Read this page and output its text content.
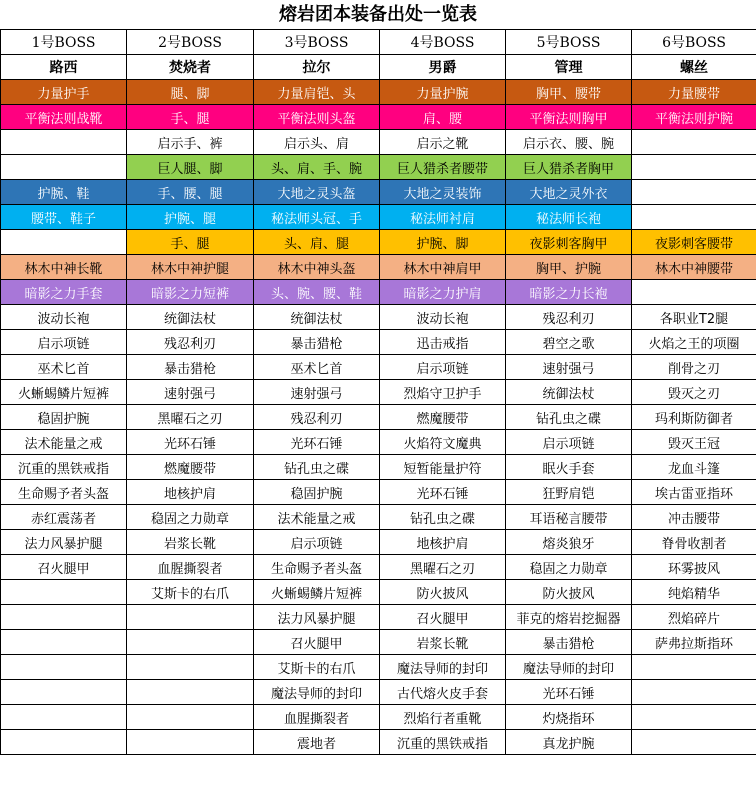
熔岩团本装备出处一览表
1号BOSS	2号BOSS	3号BOSS	4号BOSS	5号BOSS	6号BOSS
路西	焚烧者	拉尔	男爵	管理	螺丝
力量护手	腿、脚	力量肩铠、头	力量护腕	胸甲、腰带	力量腰带
平衡法则战靴	手、腿	平衡法则头盔	肩、腰	平衡法则胸甲	平衡法则护腕
	启示手、裤	启示头、肩	启示之靴	启示衣、腰、腕	
	巨人腿、脚	头、肩、手、腕	巨人猎杀者腰带	巨人猎杀者胸甲	
护腕、鞋	手、腰、腿	大地之灵头盔	大地之灵装饰	大地之灵外衣	
腰带、鞋子	护腕、腿	秘法师头冠、手	秘法师衬肩	秘法师长袍	
	手、腿	头、肩、腿	护腕、脚	夜影刺客胸甲	夜影刺客腰带
林木中神长靴	林木中神护腿	林木中神头盔	林木中神肩甲	胸甲、护腕	林木中神腰带
暗影之力手套	暗影之力短裤	头、腕、腰、鞋	暗影之力护肩	暗影之力长袍	
波动长袍	统御法杖	统御法杖	波动长袍	残忍利刃	各职业T2腿
启示项链	残忍利刃	暴击猎枪	迅击戒指	碧空之歌	火焰之王的项圈
巫术匕首	暴击猎枪	巫术匕首	启示项链	速射强弓	削骨之刃
火蜥蜴鳞片短裤	速射强弓	速射强弓	烈焰守卫护手	统御法杖	毁灭之刃
稳固护腕	黑曜石之刃	残忍利刃	燃魔腰带	钻孔虫之碟	玛利斯防御者
法术能量之戒	光环石锤	光环石锤	火焰符文魔典	启示项链	毁灭王冠
沉重的黑铁戒指	燃魔腰带	钻孔虫之碟	短暂能量护符	眠火手套	龙血斗篷
生命赐予者头盔	地核护肩	稳固护腕	光环石锤	狂野肩铠	埃古雷亚指环
赤红震荡者	稳固之力勋章	法术能量之戒	钻孔虫之碟	耳语秘言腰带	冲击腰带
法力风暴护腿	岩浆长靴	启示项链	地核护肩	熔炎狼牙	脊骨收割者
召火腿甲	血腥撕裂者	生命赐予者头盔	黑曜石之刃	稳固之力勋章	环雾披风
	艾斯卡的右爪	火蜥蜴鳞片短裤	防火披风	防火披风	纯焰精华
		法力风暴护腿	召火腿甲	菲克的熔岩挖掘器	烈焰碎片
		召火腿甲	岩浆长靴	暴击猎枪	萨弗拉斯指环
		艾斯卡的右爪	魔法导师的封印	魔法导师的封印	
		魔法导师的封印	古代熔火皮手套	光环石锤	
		血腥撕裂者	烈焰行者重靴	灼烧指环	
		震地者	沉重的黑铁戒指	真龙护腕	
